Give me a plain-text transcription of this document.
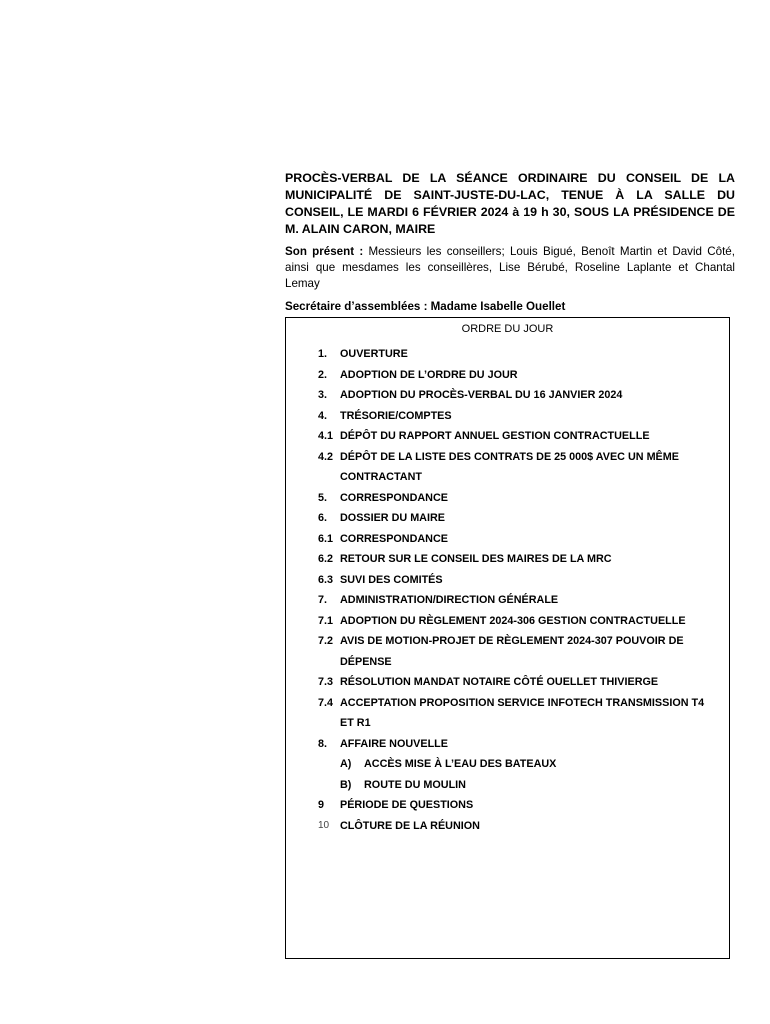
PROCÈS-VERBAL DE LA SÉANCE ORDINAIRE DU CONSEIL DE LA MUNICIPALITÉ DE SAINT-JUSTE-DU-LAC, TENUE À LA SALLE DU CONSEIL, LE MARDI 6 FÉVRIER 2024 à 19 h 30, SOUS LA PRÉSIDENCE DE M. ALAIN CARON, MAIRE

Son présent : Messieurs les conseillers; Louis Bigué, Benoît Martin et David Côté, ainsi que mesdames les conseillères, Lise Bérubé, Roseline Laplante et Chantal Lemay

Secrétaire d’assemblées : Madame Isabelle Ouellet

ORDRE DU JOUR
1.	OUVERTURE
2.	ADOPTION DE L’ORDRE DU JOUR
3.	ADOPTION DU PROCÈS-VERBAL DU 16 JANVIER 2024
4.	TRÉSORIE/COMPTES
4.1 DÉPÔT DU RAPPORT ANNUEL GESTION CONTRACTUELLE
4.2 DÉPÔT DE LA LISTE DES CONTRATS DE 25 000$ AVEC UN MÊME CONTRACTANT
5.	CORRESPONDANCE
6.	DOSSIER DU MAIRE
6.1 CORRESPONDANCE
6.2 RETOUR SUR LE CONSEIL DES MAIRES DE LA MRC
6.3 SUVI DES COMITÉS
7.	ADMINISTRATION/DIRECTION GÉNÉRALE
7.1 ADOPTION DU RÈGLEMENT 2024-306 GESTION CONTRACTUELLE
7.2 AVIS DE MOTION-PROJET DE RÈGLEMENT 2024-307 POUVOIR DE DÉPENSE
7.3 RÉSOLUTION MANDAT NOTAIRE CÔTÉ OUELLET THIVIERGE
7.4 ACCEPTATION PROPOSITION SERVICE INFOTECH TRANSMISSION T4 ET R1
8.	AFFAIRE NOUVELLE
A)	ACCÈS MISE À L’EAU DES BATEAUX
B)	ROUTE DU MOULIN
9	PÉRIODE DE QUESTIONS
10	CLÔTURE DE LA RÉUNION
